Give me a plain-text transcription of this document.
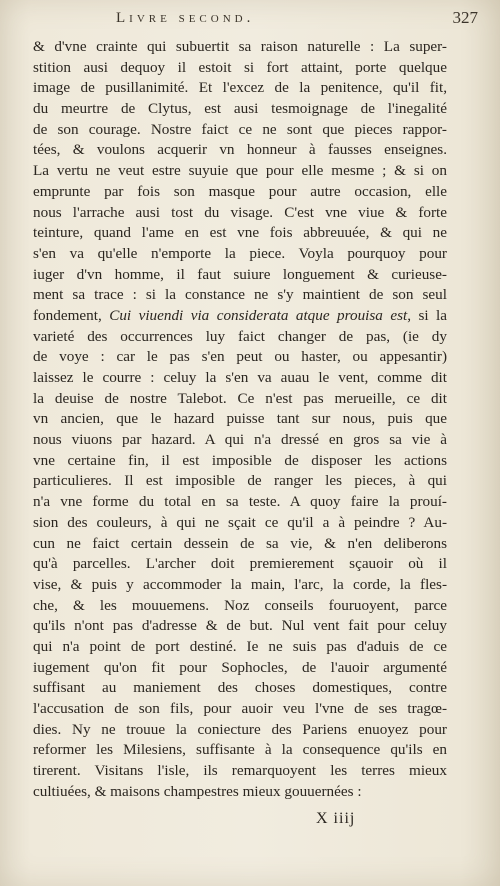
Livre second.	327
& d'vne crainte qui subuertit sa raison naturelle : La super-
stition ausi dequoy il estoit si fort attaint, porte quelque
image de pusillanimité. Et l'excez de la penitence, qu'il fit,
du meurtre de Clytus, est ausi tesmoignage de l'inegalité
de son courage. Nostre faict ce ne sont que pieces rappor-
tées, & voulons acquerir vn honneur à fausses enseignes.
La vertu ne veut estre suyuie que pour elle mesme ; & si on
emprunte par fois son masque pour autre occasion, elle
nous l'arrache ausi tost du visage. C'est vne viue & forte
teinture, quand l'ame en est vne fois abbreuuée, & qui ne
s'en va qu'elle n'emporte la piece. Voyla pourquoy pour
iuger d'vn homme, il faut suiure longuement & curieuse-
ment sa trace : si la constance ne s'y maintient de son seul
fondement, Cui viuendi via considerata atque prouisa est, si la
varieté des occurrences luy faict changer de pas, (ie dy
de voye : car le pas s'en peut ou haster, ou appesantir)
laissez le courre : celuy la s'en va auau le vent, comme dit
la deuise de nostre Talebot. Ce n'est pas merueille, ce dit
vn ancien, que le hazard puisse tant sur nous, puis que
nous viuons par hazard. A qui n'a dressé en gros sa vie à
vne certaine fin, il est imposible de disposer les actions
particulieres. Il est imposible de ranger les pieces, à qui
n'a vne forme du total en sa teste. A quoy faire la prouí-
sion des couleurs, à qui ne sçait ce qu'il a à peindre ? Au-
cun ne faict certain dessein de sa vie, & n'en deliberons
qu'à parcelles. L'archer doit premierement sçauoir où il
vise, & puis y accommoder la main, l'arc, la corde, la fles-
che, & les mouuemens. Noz conseils fouruoyent, parce
qu'ils n'ont pas d'adresse & de but. Nul vent fait pour celuy
qui n'a point de port destiné. Ie ne suis pas d'aduis de ce
iugement qu'on fit pour Sophocles, de l'auoir argumenté
suffisant au maniement des choses domestiques, contre
l'accusation de son fils, pour auoir veu l'vne de ses tragœ-
dies. Ny ne trouue la coniecture des Pariens enuoyez pour
reformer les Milesiens, suffisante à la consequence qu'ils en
tirerent. Visitans l'isle, ils remarquoyent les terres mieux
cultiuées, & maisons champestres mieux gouuernées :
X iiij
